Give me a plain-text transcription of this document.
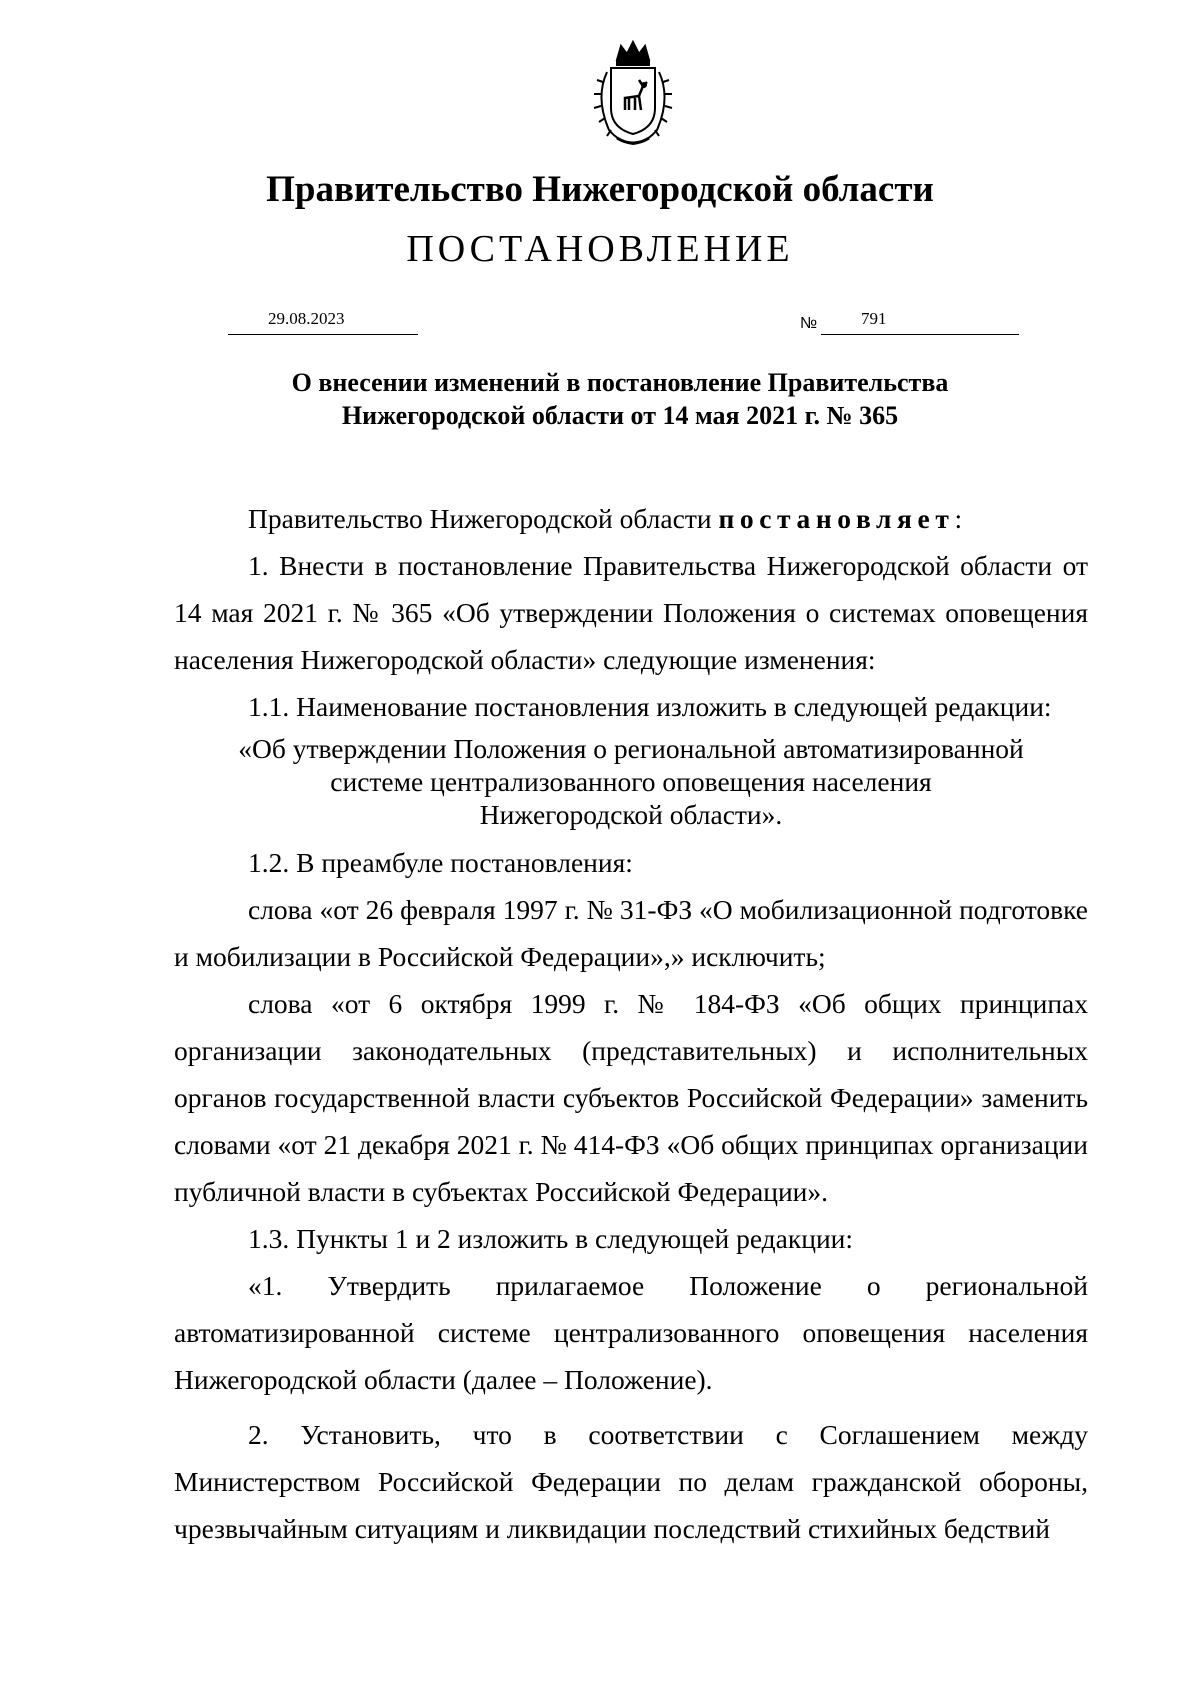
Правительство Нижегородской области
ПОСТАНОВЛЕНИЕ
29.08.2023	№	791
О внесении изменений в постановление Правительства
Нижегородской области от 14 мая 2021 г. № 365

Правительство Нижегородской области постановляет:

1. Внести в постановление Правительства Нижегородской области от 14 мая 2021 г. № 365 «Об утверждении Положения о системах оповещения населения Нижегородской области» следующие изменения:

1.1. Наименование постановления изложить в следующей редакции:

«Об утверждении Положения о региональной автоматизированной
системе централизованного оповещения населения
Нижегородской области».

1.2. В преамбуле постановления:

слова «от 26 февраля 1997 г. № 31-ФЗ «О мобилизационной подготовке и мобилизации в Российской Федерации»,» исключить;

слова «от 6 октября 1999 г. № 184-ФЗ «Об общих принципах организации законодательных (представительных) и исполнительных органов государственной власти субъектов Российской Федерации» заменить словами «от 21 декабря 2021 г. № 414-ФЗ «Об общих принципах организации публичной власти в субъектах Российской Федерации».

1.3. Пункты 1 и 2 изложить в следующей редакции:

«1. Утвердить прилагаемое Положение о региональной автоматизированной системе централизованного оповещения населения Нижегородской области (далее – Положение).

2. Установить, что в соответствии с Соглашением между Министерством Российской Федерации по делам гражданской обороны, чрезвычайным ситуациям и ликвидации последствий стихийных бедствий
